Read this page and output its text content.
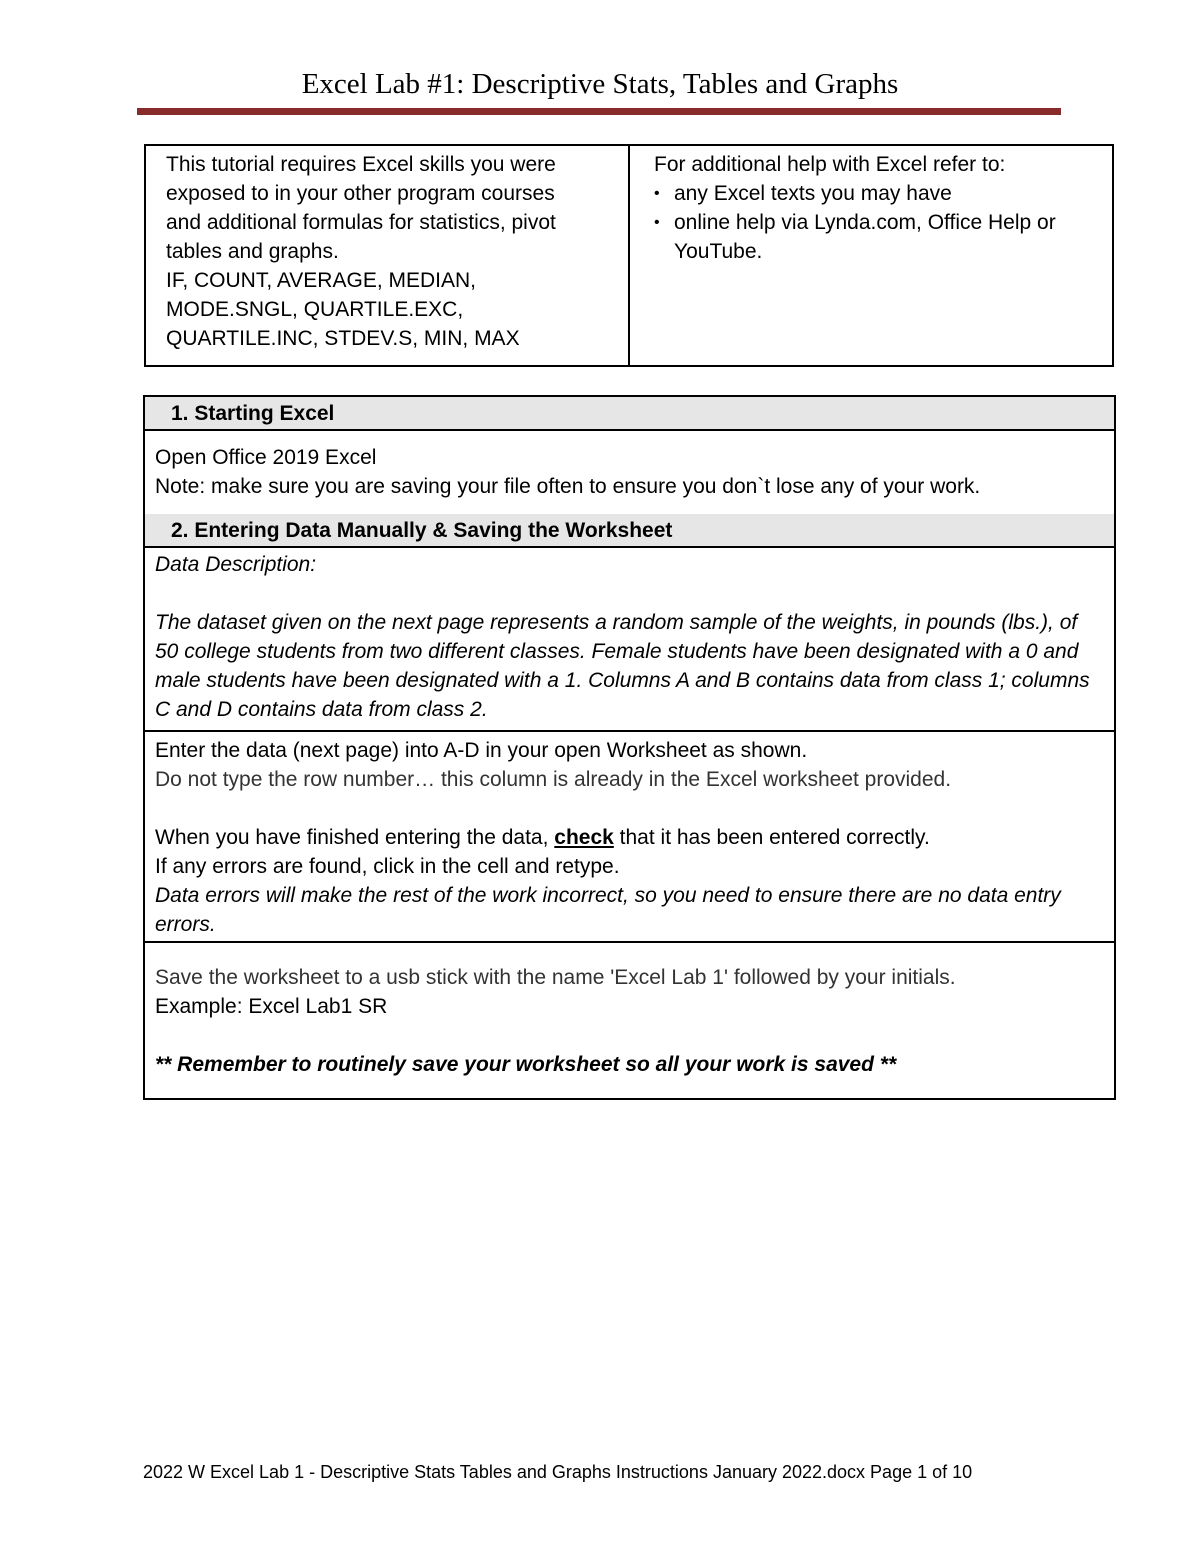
Excel Lab #1: Descriptive Stats, Tables and Graphs
This tutorial requires Excel skills you were
exposed to in your other program courses
and additional formulas for statistics, pivot
tables and graphs.
IF, COUNT, AVERAGE, MEDIAN,
MODE.SNGL, QUARTILE.EXC,
QUARTILE.INC, STDEV.S, MIN, MAX
For additional help with Excel refer to:
• any Excel texts you may have
• online help via Lynda.com, Office Help or YouTube.
1. Starting Excel
Open Office 2019 Excel
Note: make sure you are saving your file often to ensure you don`t lose any of your work.
2. Entering Data Manually & Saving the Worksheet
Data Description:
The dataset given on the next page represents a random sample of the weights, in pounds (lbs.), of 50 college students from two different classes. Female students have been designated with a 0 and male students have been designated with a 1. Columns A and B contains data from class 1; columns C and D contains data from class 2.
Enter the data (next page) into A-D in your open Worksheet as shown.
Do not type the row number… this column is already in the Excel worksheet provided.
When you have finished entering the data, check that it has been entered correctly.
If any errors are found, click in the cell and retype.
Data errors will make the rest of the work incorrect, so you need to ensure there are no data entry errors.
Save the worksheet to a usb stick with the name 'Excel Lab 1' followed by your initials.
Example: Excel Lab1 SR
** Remember to routinely save your worksheet so all your work is saved **
2022 W Excel Lab 1 - Descriptive Stats Tables and Graphs Instructions January 2022.docx Page 1 of 10
